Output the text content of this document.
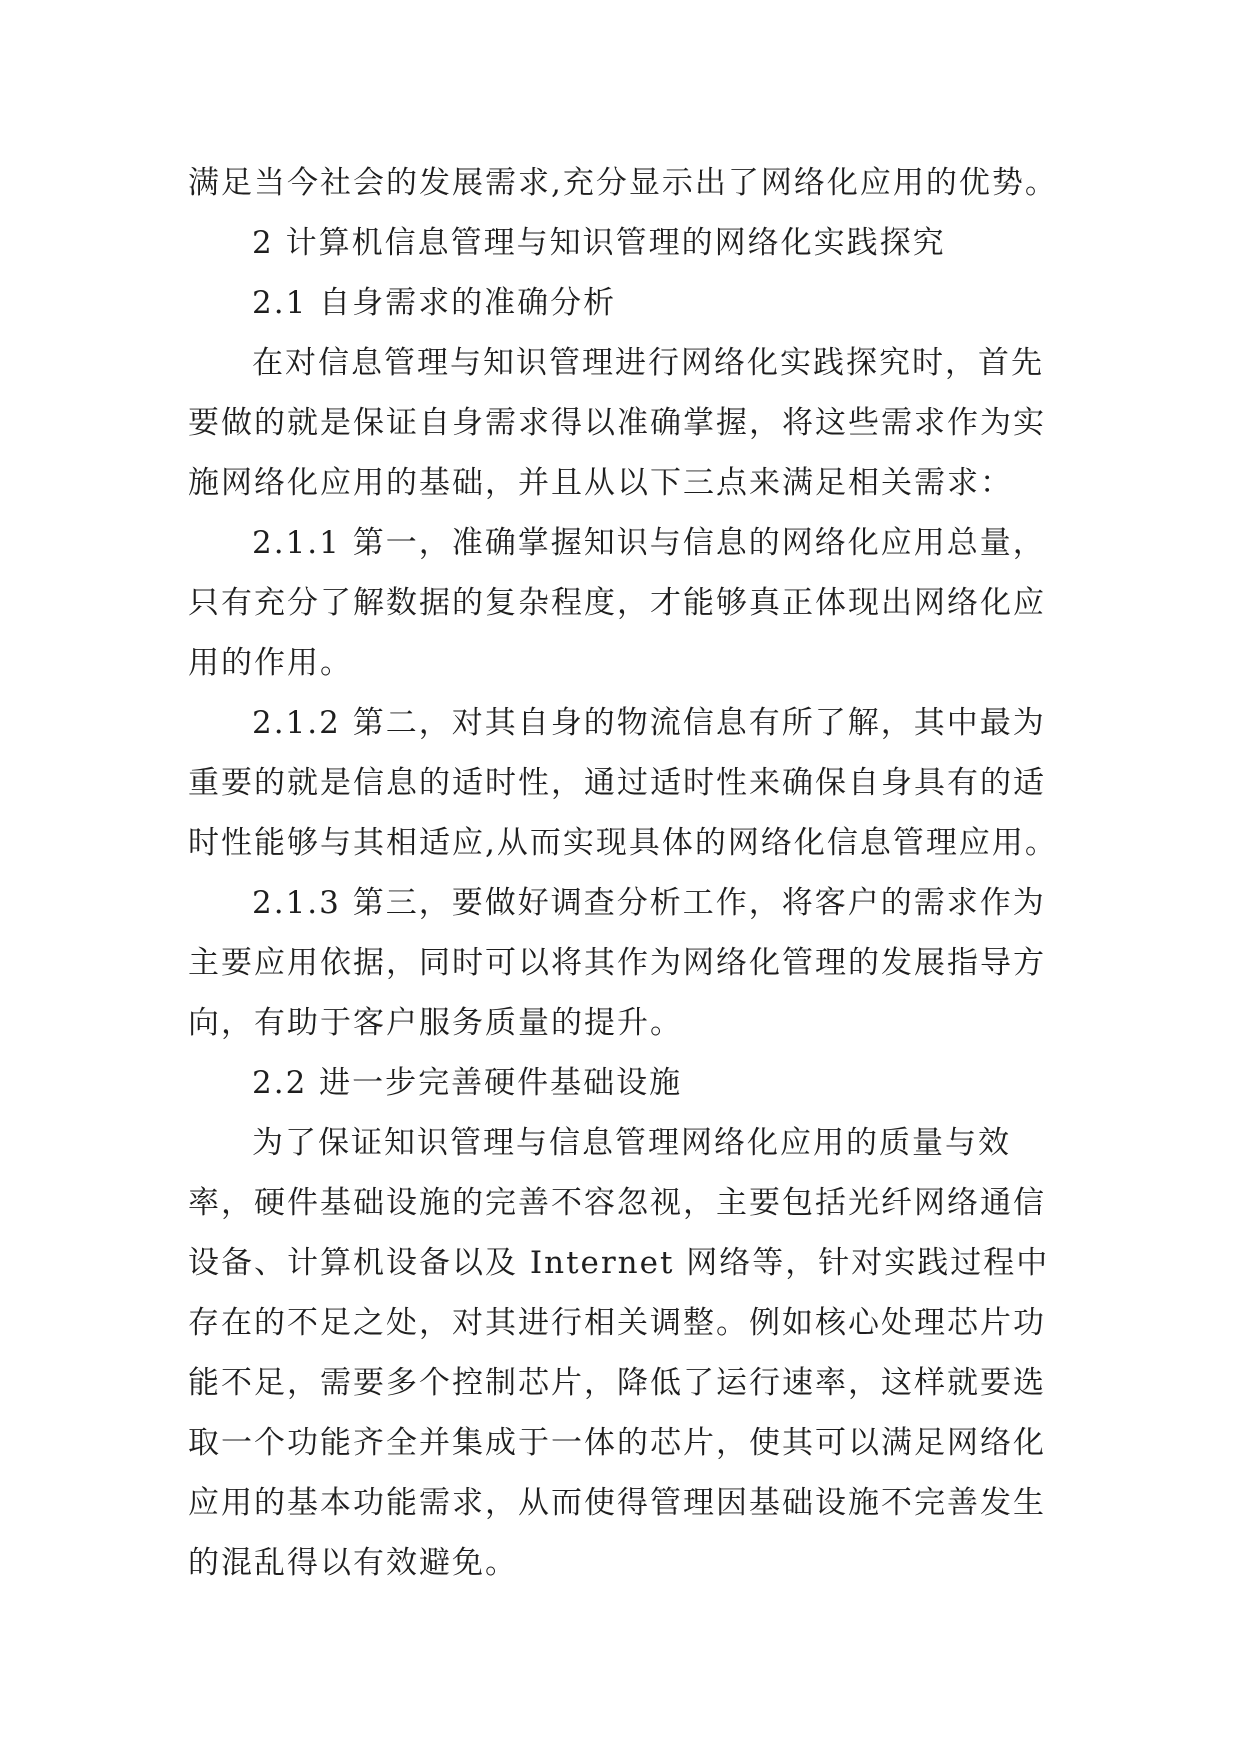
满足当今社会的发展需求,充分显示出了网络化应用的优势。
2 计算机信息管理与知识管理的网络化实践探究
2.1 自身需求的准确分析
在对信息管理与知识管理进行网络化实践探究时，首先
要做的就是保证自身需求得以准确掌握，将这些需求作为实
施网络化应用的基础，并且从以下三点来满足相关需求：
2.1.1 第一，准确掌握知识与信息的网络化应用总量，
只有充分了解数据的复杂程度，才能够真正体现出网络化应
用的作用。
2.1.2 第二，对其自身的物流信息有所了解，其中最为
重要的就是信息的适时性，通过适时性来确保自身具有的适
时性能够与其相适应,从而实现具体的网络化信息管理应用。
2.1.3 第三，要做好调查分析工作，将客户的需求作为
主要应用依据，同时可以将其作为网络化管理的发展指导方
向，有助于客户服务质量的提升。
2.2 进一步完善硬件基础设施
为了保证知识管理与信息管理网络化应用的质量与效
率，硬件基础设施的完善不容忽视，主要包括光纤网络通信
设备、计算机设备以及 Internet 网络等，针对实践过程中
存在的不足之处，对其进行相关调整。例如核心处理芯片功
能不足，需要多个控制芯片，降低了运行速率，这样就要选
取一个功能齐全并集成于一体的芯片，使其可以满足网络化
应用的基本功能需求，从而使得管理因基础设施不完善发生
的混乱得以有效避免。
